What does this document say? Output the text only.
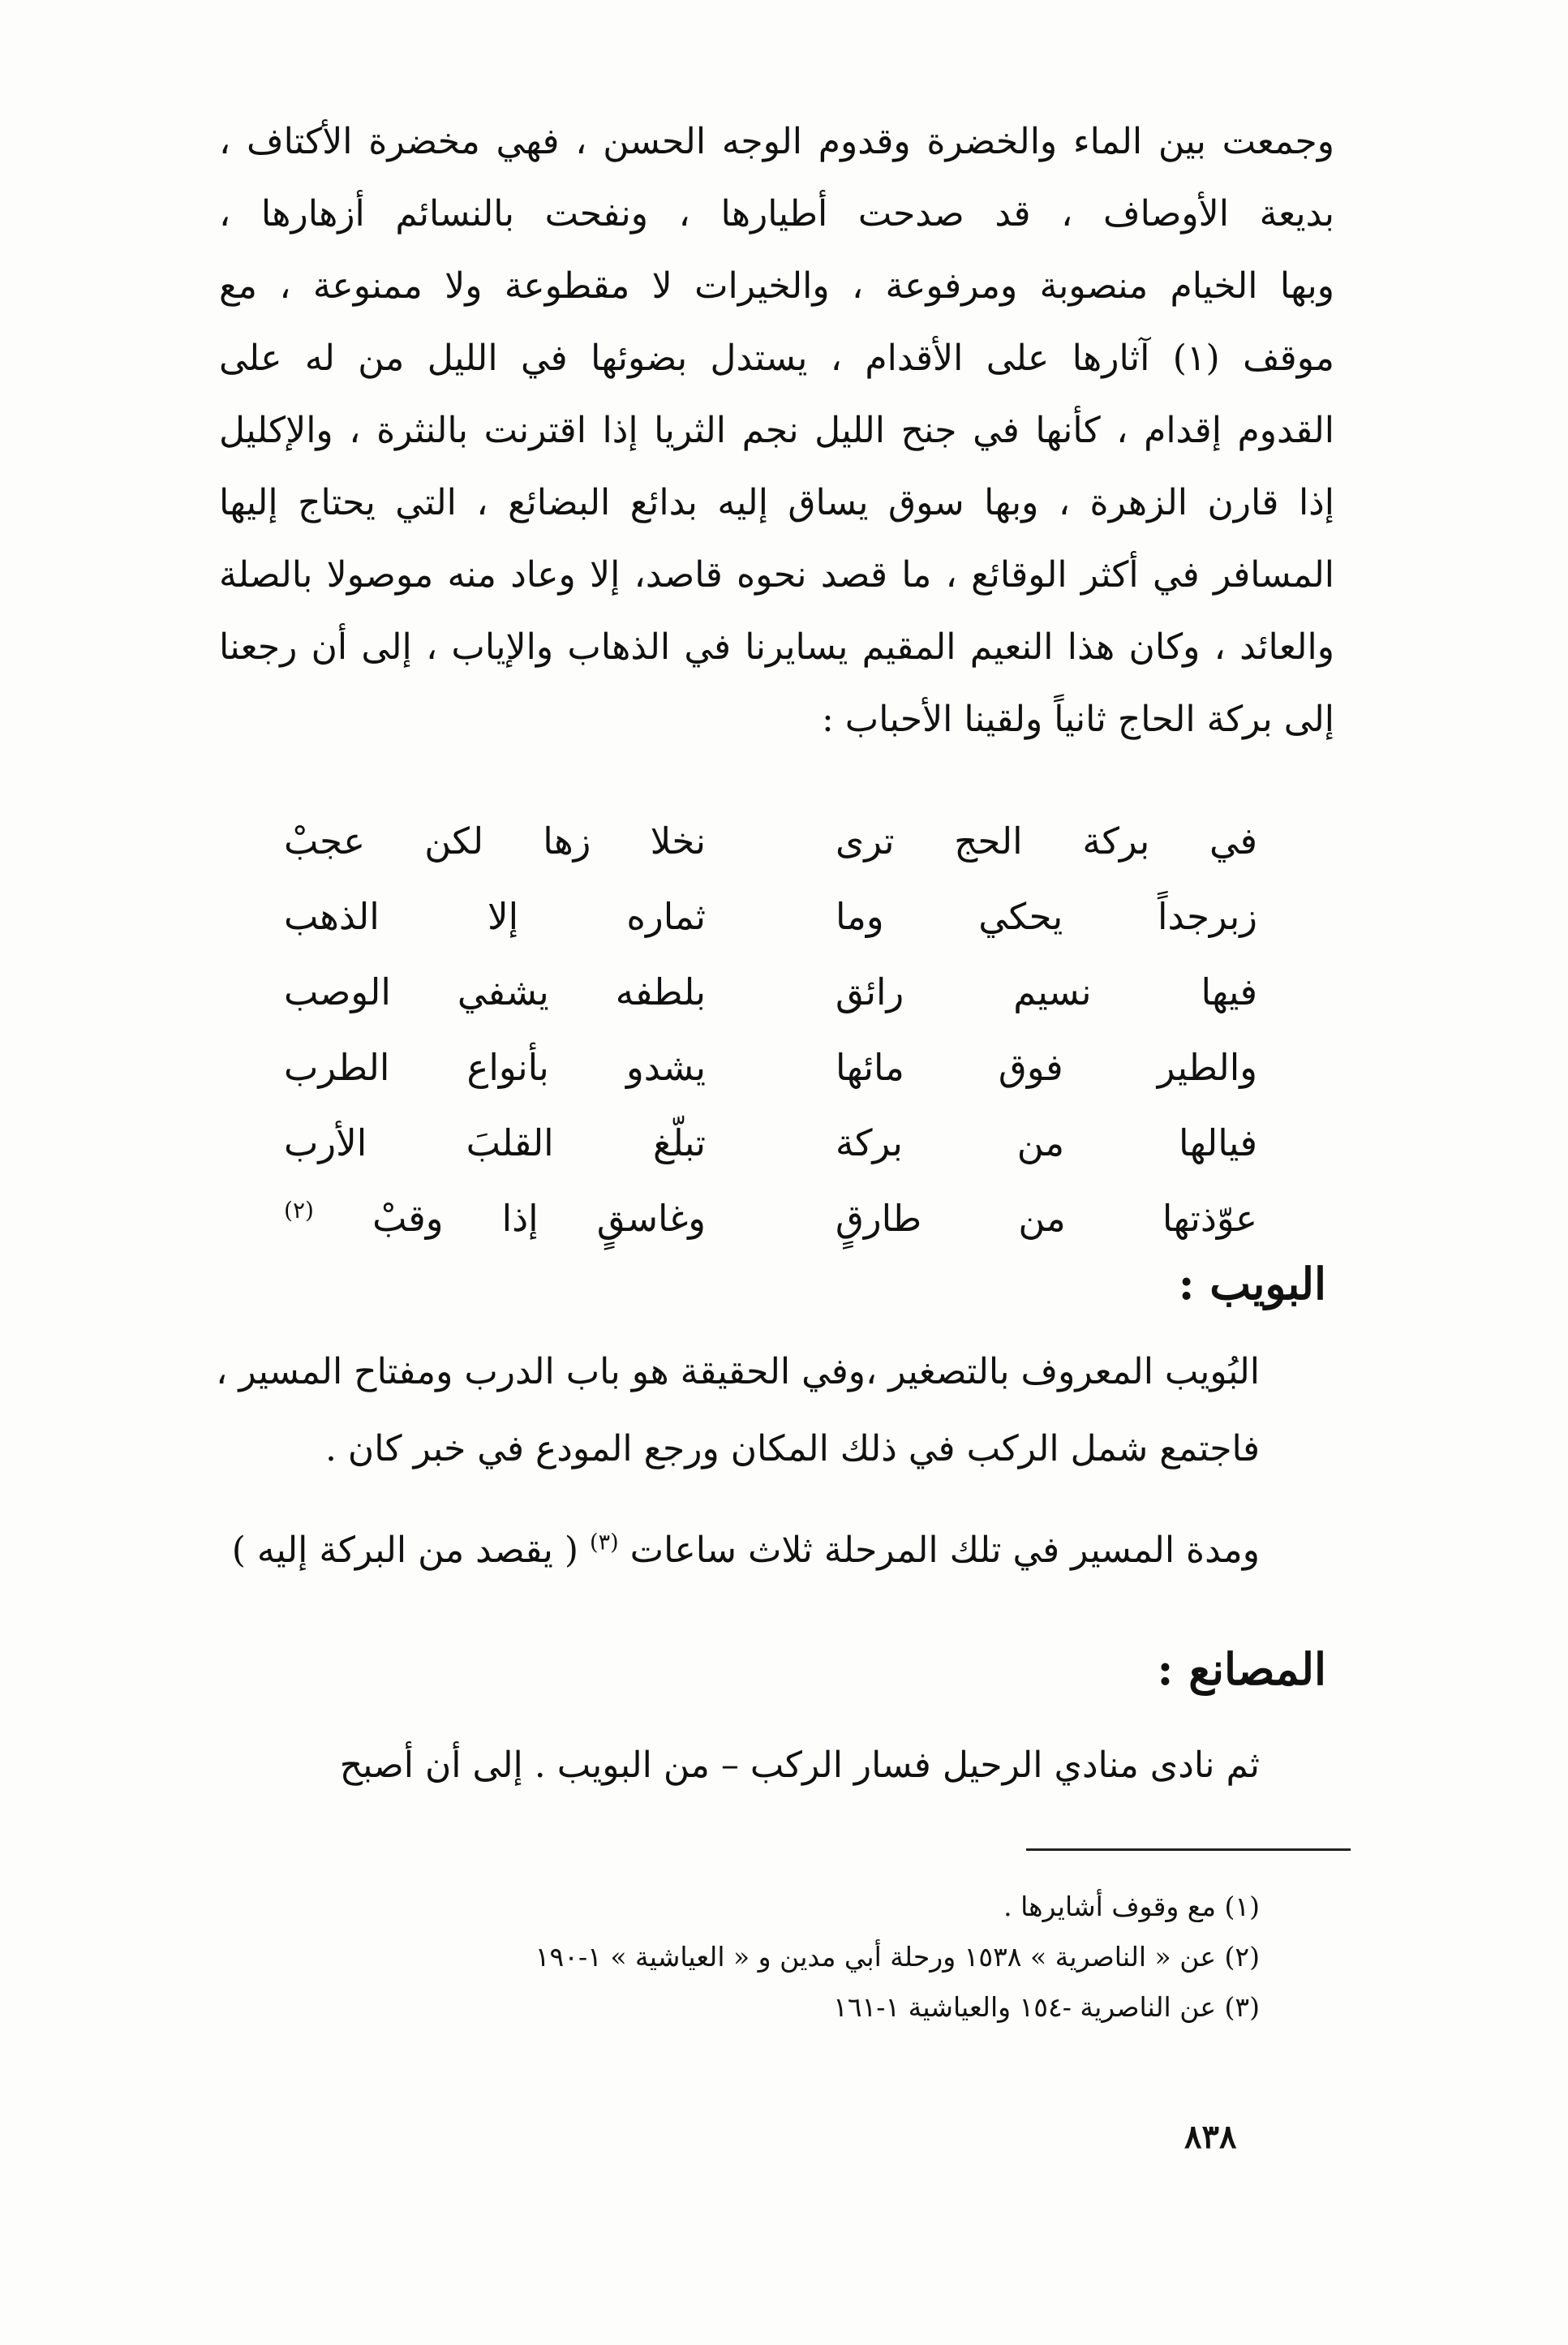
وجمعت بين الماء والخضرة وقدوم الوجه الحسن ، فهي مخضرة الأكتاف ،

بديعة الأوصاف ، قد صدحت أطيارها ، ونفحت بالنسائم أزهارها ،

وبها الخيام منصوبة ومرفوعة ، والخيرات لا مقطوعة ولا ممنوعة ، مع

موقف (١) آثارها على الأقدام ، يستدل بضوئها في الليل من له على

القدوم إقدام ، كأنها في جنح الليل نجم الثريا إذا اقترنت بالنثرة ، والإكليل

إذا قارن الزهرة ، وبها سوق يساق إليه بدائع البضائع ، التي يحتاج إليها

المسافر في أكثر الوقائع ، ما قصد نحوه قاصد، إلا وعاد منه موصولا بالصلة

والعائد ، وكان هذا النعيم المقيم يسايرنا في الذهاب والإياب ، إلى أن رجعنا

إلى بركة الحاج ثانياً ولقينا الأحباب :

في بركة الحج ترى
نخلا زها لكن عجبْ
زبرجداً يحكي وما
ثماره إلا الذهب
فيها نسيم رائق
بلطفه يشفي الوصب
والطير فوق مائها
يشدو بأنواع الطرب
فيالها من بركة
تبلّغ القلبَ الأرب
عوّذتها من طارقٍ
وغاسقٍ إذا وقبْ $^{(٢)}$
البويب :
البُويب المعروف بالتصغير ،وفي الحقيقة هو باب الدرب ومفتاح المسير ،
فاجتمع شمل الركب في ذلك المكان ورجع المودع في خبر كان .
ومدة المسير في تلك المرحلة ثلاث ساعات $^{(٣)}$ ( يقصد من البركة إليه )
المصانع :
ثم نادى منادي الرحيل فسار الركب – من البويب . إلى أن أصبح
(١) مع وقوف أشايرها .
(٢) عن « الناصرية » ١٥٣٨ ورحلة أبي مدين و « العياشية » ١-١٩٠
(٣) عن الناصرية -١٥٤ والعياشية ١-١٦١
٨٣٨
